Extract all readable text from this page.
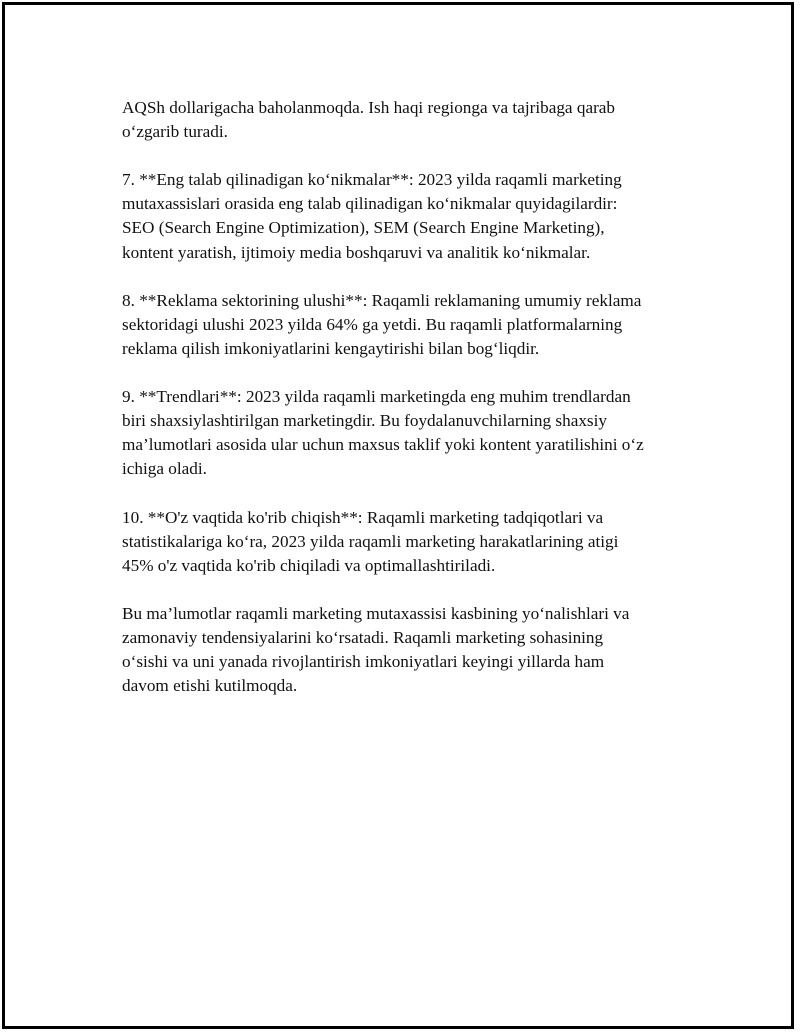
AQSh dollarigacha baholanmoqda. Ish haqi regionga va tajribaga qarab
o‘zgarib turadi.

7. **Eng talab qilinadigan ko‘nikmalar**: 2023 yilda raqamli marketing
mutaxassislari orasida eng talab qilinadigan ko‘nikmalar quyidagilardir:
SEO (Search Engine Optimization), SEM (Search Engine Marketing),
kontent yaratish, ijtimoiy media boshqaruvi va analitik ko‘nikmalar.

8. **Reklama sektorining ulushi**: Raqamli reklamaning umumiy reklama
sektoridagi ulushi 2023 yilda 64% ga yetdi. Bu raqamli platformalarning
reklama qilish imkoniyatlarini kengaytirishi bilan bog‘liqdir.

9. **Trendlari**: 2023 yilda raqamli marketingda eng muhim trendlardan
biri shaxsiylashtirilgan marketingdir. Bu foydalanuvchilarning shaxsiy
ma’lumotlari asosida ular uchun maxsus taklif yoki kontent yaratilishini o‘z
ichiga oladi.

10. **O'z vaqtida ko'rib chiqish**: Raqamli marketing tadqiqotlari va
statistikalariga ko‘ra, 2023 yilda raqamli marketing harakatlarining atigi
45% o'z vaqtida ko'rib chiqiladi va optimallashtiriladi.

Bu ma’lumotlar raqamli marketing mutaxassisi kasbining yo‘nalishlari va
zamonaviy tendensiyalarini ko‘rsatadi. Raqamli marketing sohasining
o‘sishi va uni yanada rivojlantirish imkoniyatlari keyingi yillarda ham
davom etishi kutilmoqda.
